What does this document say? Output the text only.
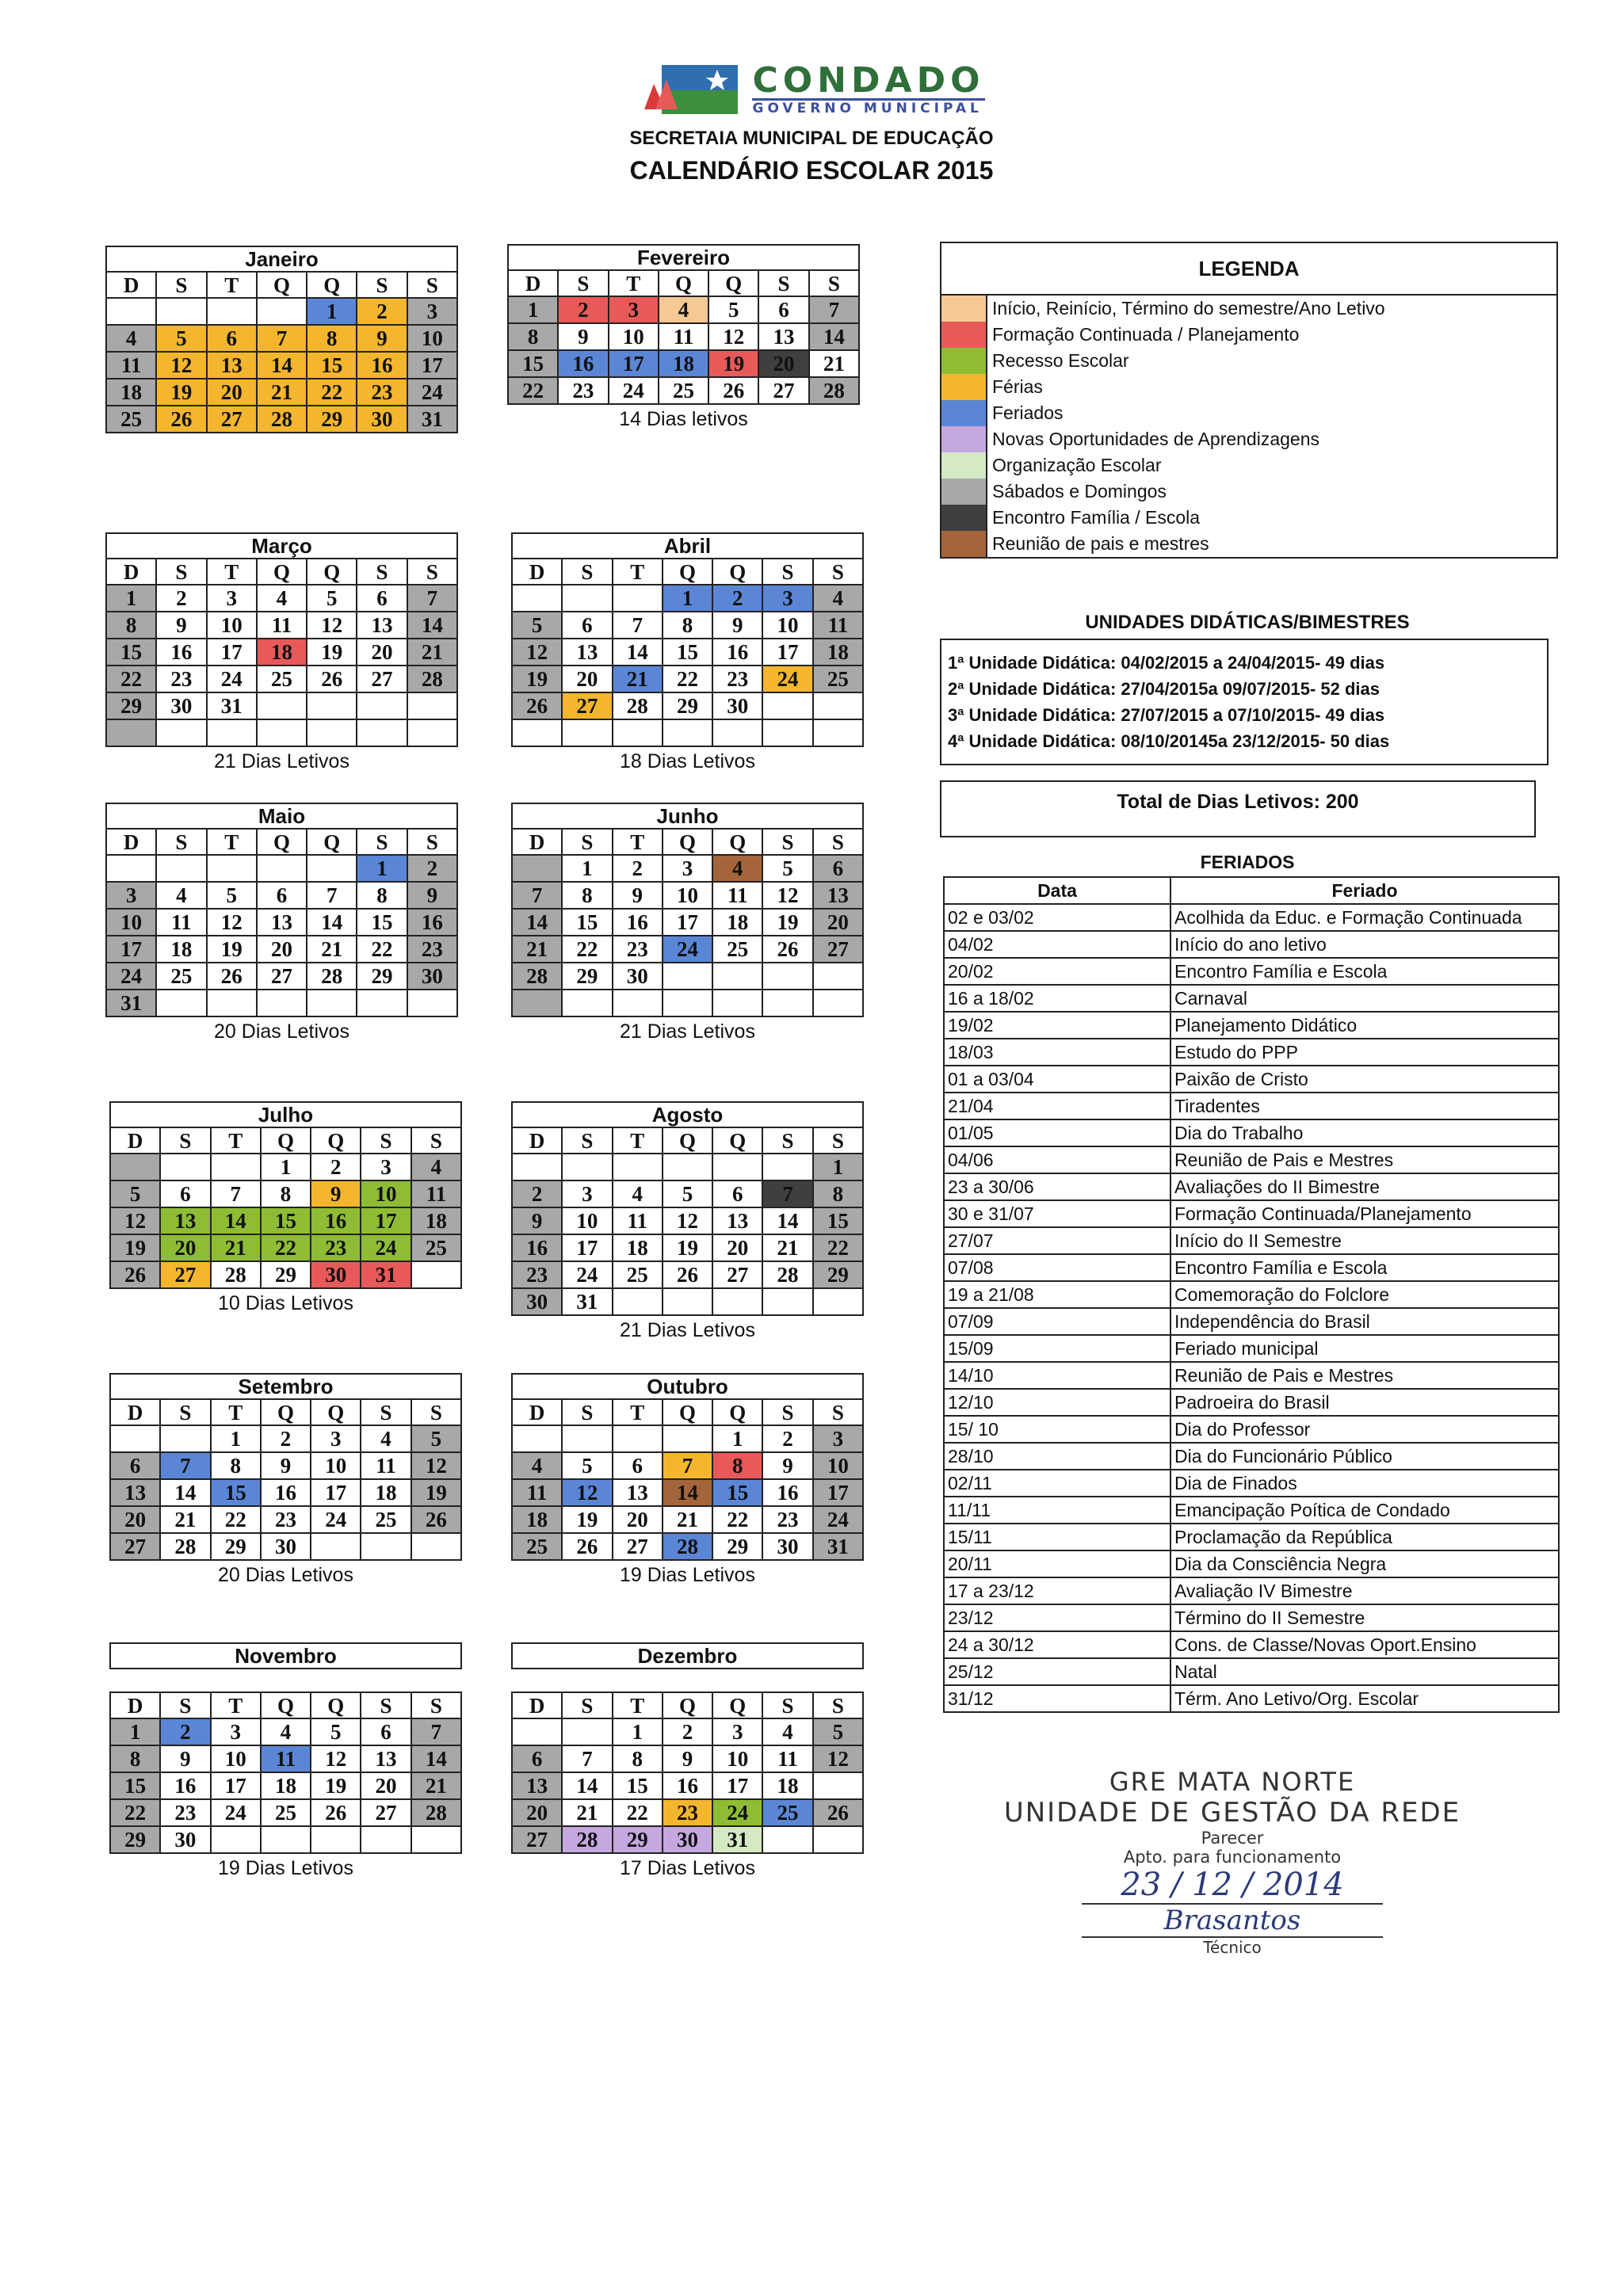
CONDADO
GOVERNO MUNICIPAL
SECRETAIA MUNICIPAL DE EDUCAÇÃO
CALENDÁRIO ESCOLAR 2015
Janeiro
D	S	T	Q	Q	S	S
				1	2	3
4	5	6	7	8	9	10
11	12	13	14	15	16	17
18	19	20	21	22	23	24
25	26	27	28	29	30	31
Fevereiro
D	S	T	Q	Q	S	S
1	2	3	4	5	6	7
8	9	10	11	12	13	14
15	16	17	18	19	20	21
22	23	24	25	26	27	28
14 Dias letivos
Março
D	S	T	Q	Q	S	S
1	2	3	4	5	6	7
8	9	10	11	12	13	14
15	16	17	18	19	20	21
22	23	24	25	26	27	28
29	30	31				

21 Dias Letivos
Abril
D	S	T	Q	Q	S	S
			1	2	3	4
5	6	7	8	9	10	11
12	13	14	15	16	17	18
19	20	21	22	23	24	25
26	27	28	29	30		

18 Dias Letivos
Maio
D	S	T	Q	Q	S	S
					1	2
3	4	5	6	7	8	9
10	11	12	13	14	15	16
17	18	19	20	21	22	23
24	25	26	27	28	29	30
31						
20 Dias Letivos
Junho
D	S	T	Q	Q	S	S
	1	2	3	4	5	6
7	8	9	10	11	12	13
14	15	16	17	18	19	20
21	22	23	24	25	26	27
28	29	30				

21 Dias Letivos
Julho
D	S	T	Q	Q	S	S
			1	2	3	4
5	6	7	8	9	10	11
12	13	14	15	16	17	18
19	20	21	22	23	24	25
26	27	28	29	30	31	
10 Dias Letivos
Agosto
D	S	T	Q	Q	S	S
						1
2	3	4	5	6	7	8
9	10	11	12	13	14	15
16	17	18	19	20	21	22
23	24	25	26	27	28	29
30	31					
21 Dias Letivos
Setembro
D	S	T	Q	Q	S	S
		1	2	3	4	5
6	7	8	9	10	11	12
13	14	15	16	17	18	19
20	21	22	23	24	25	26
27	28	29	30			
20 Dias Letivos
Outubro
D	S	T	Q	Q	S	S
				1	2	3
4	5	6	7	8	9	10
11	12	13	14	15	16	17
18	19	20	21	22	23	24
25	26	27	28	29	30	31
19 Dias Letivos
Novembro
D	S	T	Q	Q	S	S
1	2	3	4	5	6	7
8	9	10	11	12	13	14
15	16	17	18	19	20	21
22	23	24	25	26	27	28
29	30					
19 Dias Letivos
Dezembro
D	S	T	Q	Q	S	S
		1	2	3	4	5
6	7	8	9	10	11	12
13	14	15	16	17	18	
20	21	22	23	24	25	26
27	28	29	30	31		
17 Dias Letivos
LEGENDA
Início, Reinício, Término do semestre/Ano Letivo
Formação Continuada / Planejamento
Recesso Escolar
Férias
Feriados
Novas Oportunidades de Aprendizagens
Organização Escolar
Sábados e Domingos
Encontro Família / Escola
Reunião de pais e mestres
UNIDADES DIDÁTICAS/BIMESTRES
1ª Unidade Didática: 04/02/2015 a 24/04/2015- 49 dias
2ª Unidade Didática: 27/04/2015a 09/07/2015- 52 dias
3ª Unidade Didática: 27/07/2015 a 07/10/2015- 49 dias
4ª Unidade Didática: 08/10/20145a 23/12/2015- 50 dias
Total de Dias Letivos: 200
FERIADOS
Data	Feriado
02 e 03/02	Acolhida da Educ. e Formação Continuada
04/02	Início do ano letivo
20/02	Encontro Família e Escola
16 a 18/02	Carnaval
19/02	Planejamento Didático
18/03	Estudo do PPP
01 a 03/04	Paixão de Cristo
21/04	Tiradentes
01/05	Dia do Trabalho
04/06	Reunião de Pais e Mestres
23 a 30/06	Avaliações do II Bimestre
30 e 31/07	Formação Continuada/Planejamento
27/07	Início do II Semestre
07/08	Encontro Família e Escola
19 a 21/08	Comemoração do Folclore
07/09	Independência do Brasil
15/09	Feriado municipal
14/10	Reunião de Pais e Mestres
12/10	Padroeira do Brasil
15/ 10	Dia do Professor
28/10	Dia do Funcionário Público
02/11	Dia de Finados
11/11	Emancipação Poítica de Condado
15/11	Proclamação da República
20/11	Dia da Consciência Negra
17 a 23/12	Avaliação IV Bimestre
23/12	Término do II Semestre
24 a 30/12	Cons. de Classe/Novas Oport.Ensino
25/12	Natal
31/12	Térm. Ano Letivo/Org. Escolar
GRE MATA NORTE
UNIDADE DE GESTÃO DA REDE
Parecer
Apto. para funcionamento
23 / 12 / 2014
Brasantos
Técnico
